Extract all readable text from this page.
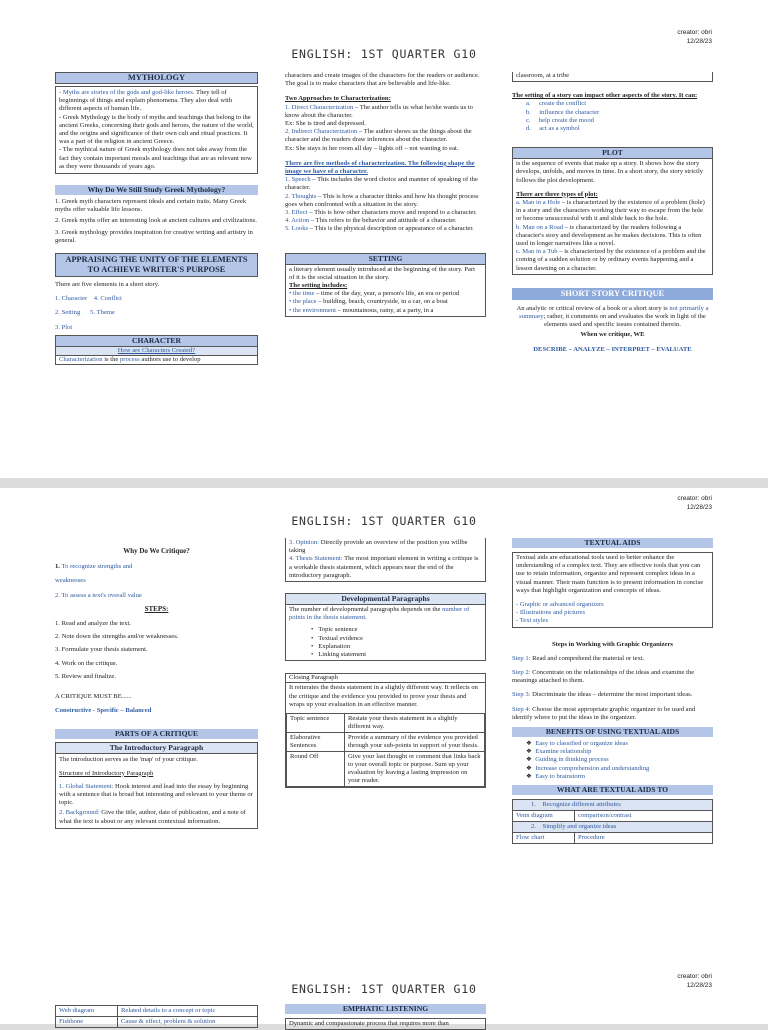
creator: obri
12/28/23
ENGLISH: 1ST QUARTER G10
MYTHOLOGY
- Myths are stories of the gods and god-like heroes. They tell of beginnings of things and explain phenomena. They also deal with different aspects of human life.
- Greek Mythology is the body of myths and teachings that belong to the ancient Greeks, concerning their gods and heroes, the nature of the world, and the origins and significance of their own cult and ritual practices. It was a part of the religion in ancient Greece.
- The mythical nature of Greek mythology does not take away from the fact they contain important morals and teachings that are as relevant now as they were thousands of years ago.
Why Do We Still Study Greek Mythology?

1. Greek myth characters represent ideals and certain traits. Many Greek myths offer valuable life lessons.

2. Greek myths offer an interesting look at ancient cultures and civilizations.

3. Greek mythology provides inspiration for creative writing and artistry in general.

APPRAISING THE UNITY OF THE ELEMENTS TO ACHIEVE WRITER'S PURPOSE

There are five elements in a short story.

1. Character    4. Conflict

2. Setting      5. Theme

3. Plot

CHARACTER
How are Characters Created?
Characterization is the process authors use to develop
characters and create images of the characters for the readers or audience. The goal is to make characters that are believable and life-like.
Two Approaches to Characterization:
1. Direct Characterization – The author tells us what he/she wants us to know about the character.
Ex: She is tired and depressed.
2. Indirect Characterization – The author shows us the things about the character and the readers draw inferences about the character.
Ex: She stays in her room all day – lights off – not wanting to eat.
There are five methods of characterization. The following shape the image we have of a character.
1. Speech – This includes the word choice and manner of speaking of the character.
2. Thoughts – This is how a character thinks and how his thought process goes when confronted with a situation in the story.
3. Effect – This is how other characters move and respond to a character.
4. Action – This refers to the behavior and attitude of a character.
5. Looks – This is the physical description or appearance of a character.
SETTING
a literary element usually introduced at the beginning of the story. Part of it is the social situation in the story.
The setting includes:
• the time – time of the day, year, a person's life, an era or period
• the place – building, beach, countryside, in a car, on a boat
• the environment – mountainous, rainy, at a party, in a
classroom, at a tribe
The setting of a story can impact other aspects of the story. It can:
a.     create the conflict
b.     influence the character
c.     help create the mood
d.     act as a symbol
PLOT
is the sequence of events that make up a story. It shows how the story develops, unfolds, and moves in time. In a short story, the story strictly follows the plot development.
There are three types of plot:
a. Man in a Hole – is characterized by the existence of a problem (hole) in a story and the characters working their way to escape from the hole or become unsuccessful with it and slide back to the hole.
b. Man on a Road – is characterized by the readers following a character's story and development as he makes decisions. This is often used in longer narratives like a novel.
c. Man in a Tub – is characterized by the existence of a problem and the coming of a sudden solution or by ordinary events happening and a lesson dawning on a character.
SHORT STORY CRITIQUE
An analytic or critical review of a book or a short story is not primarily a summary; rather, it comments on and evaluates the work in light of the elements used and specific issues contained therein.
When we critique, WE
DESCRIBE – ANALYZE – INTERPRET – EVALUATE
creator: obri
12/28/23
ENGLISH: 1ST QUARTER G10
Why Do We Critique?
1. To recognize strengths and
weaknesses
2. To assess a text's overall value
STEPS:
1. Read and analyze the text.
2. Note down the strengths and/or weaknesses.
3. Formulate your thesis statement.
4. Work on the critique.
5. Review and finalize.
A CRITIQUE MUST BE......
Constructive - Specific – Balanced
PARTS OF A CRITIQUE
The Introductory Paragraph
The introduction serves as the 'map' of your critique.
Structure of Introductory Paragraph
1. Global Statement: Hook interest and lead into the essay by beginning with a sentence that is broad but interesting and relevant to your theme or topic.
2. Background: Give the title, author, date of publication, and a note of what the text is about or any relevant contextual information.
3. Opinion: Directly provide an overview of the position you willbe taking
4. Thesis Statement: The most important element in writing a critique is a workable thesis statement, which appears near the end of the introductory paragraph.
Developmental Paragraphs
The number of developmental paragraphs depends on the number of points in the thesis statement.
•   Topic sentence
•   Textual evidence
•   Explanation
•   Linking statement
Closing Paragraph
It reiterates the thesis statement in a slightly different way. It reflects on the critique and the evidence you provided to prove your thesis and wraps up your evaluation in an effective manner.
Topic sentence	Restate your thesis statement in a slightly different way.
Elaborative Sentences	Provide a summary of the evidence you provided through your sub-points in support of your thesis.
Round Off	Give your last thought or comment that links back to your overall topic or purpose. Sum up your evaluation by leaving a lasting impression on your reader.
TEXTUAL AIDS
Textual aids are educational tools used to better enhance the understanding of a complex text. They are effective tools that you can use to retain information, organize and represent complex ideas in a visual manner. Their main function is to present information in concise ways that highlight organization and concepts of ideas.
- Graphic or advanced organizers
- Illustrations and pictures
- Text styles
Steps in Working with Graphic Organizers
Step 1: Read and comprehend the material or text.
Step 2: Concentrate on the relationships of the ideas and examine the meanings attached to them.
Step 3: Discriminate the ideas – determine the most important ideas.
Step 4: Choose the most appropriate graphic organizer to be used and identify where to put the ideas in the organizer.
BENEFITS OF USING TEXTUAL AIDS
❖ Easy to classified or organize ideas
❖ Examine relationship
❖ Guiding in thinking process
❖ Increase comprehension and understanding
❖ Easy to brainstorm
WHAT ARE TEXTUAL AIDS TO
1.    Recognize different attributes	
Venn diagram	comparison/contrast
2.    Simplify and organize ideas	
Flow chart	Procedure
creator: obri
12/28/23
ENGLISH: 1ST QUARTER G10
Web diagram	Related details to a concept or topic
Fishbone	Cause & effect, problem & solution
EMPHATIC LISTENING
Dynamic and compassionate process that requires more than
